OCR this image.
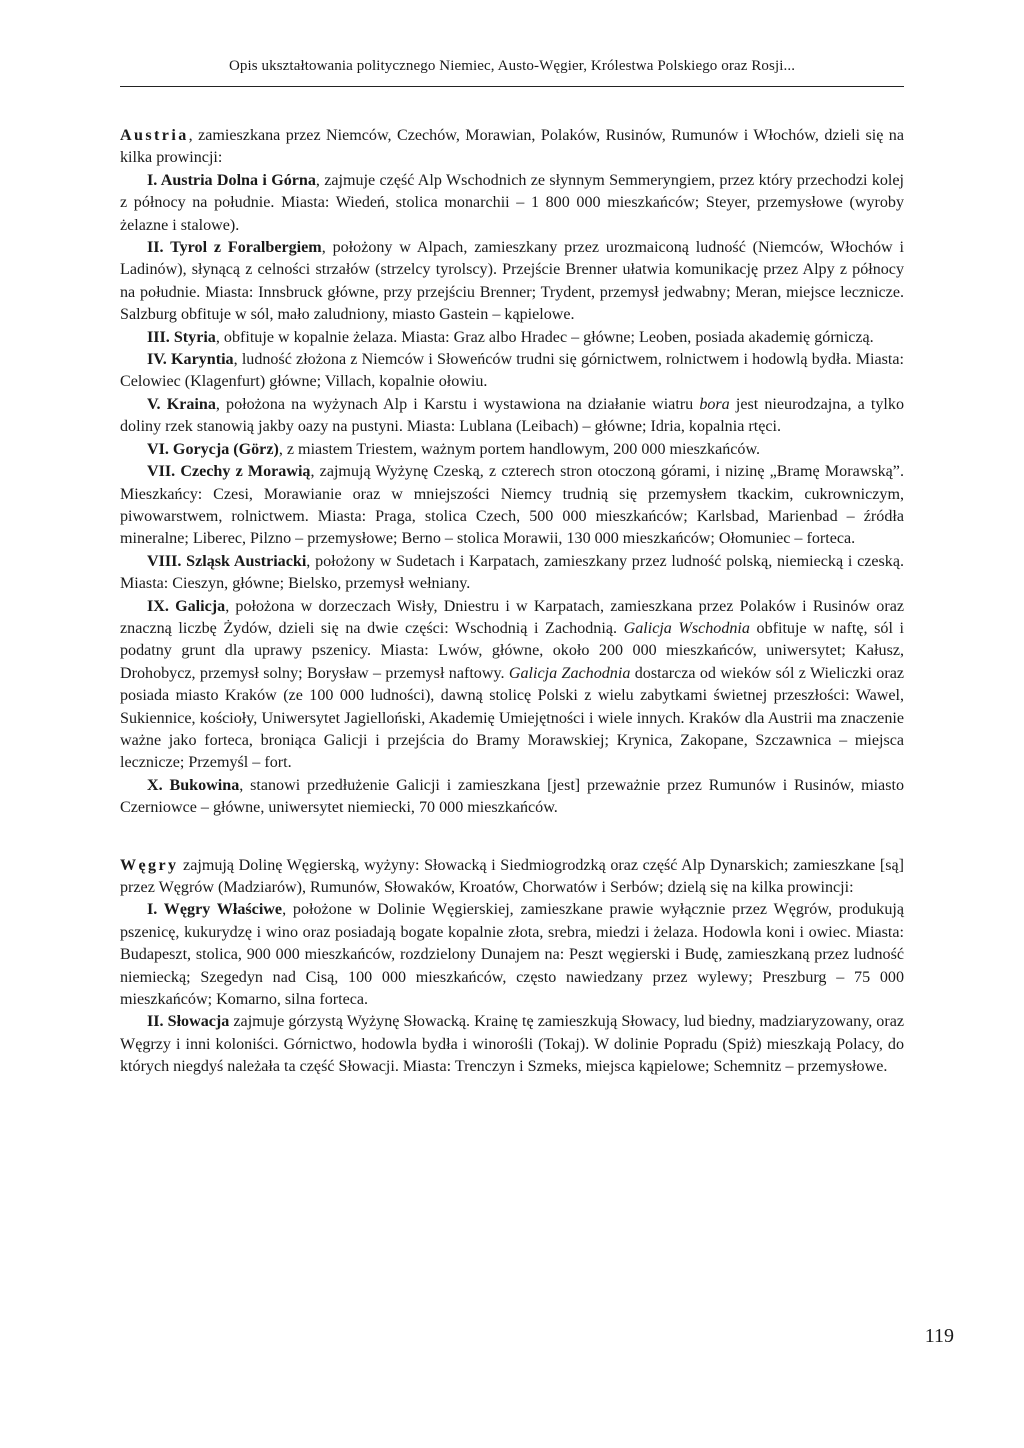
Opis ukształtowania politycznego Niemiec, Austo-Węgier, Królestwa Polskiego oraz Rosji...

Austria, zamieszkana przez Niemców, Czechów, Morawian, Polaków, Rusinów, Rumunów i Włochów, dzieli się na kilka prowincji:

I. Austria Dolna i Górna, zajmuje część Alp Wschodnich ze słynnym Semmeryngiem, przez który przechodzi kolej z północy na południe. Miasta: Wiedeń, stolica monarchii – 1 800 000 mieszkańców; Steyer, przemysłowe (wyroby żelazne i stalowe).

II. Tyrol z Foralbergiem, położony w Alpach, zamieszkany przez urozmaiconą ludność (Niemców, Włochów i Ladinów), słynącą z celności strzałów (strzelcy tyrolscy). Przejście Brenner ułatwia komunikację przez Alpy z północy na południe. Miasta: Innsbruck główne, przy przejściu Brenner; Trydent, przemysł jedwabny; Meran, miejsce lecznicze. Salzburg obfituje w sól, mało zaludniony, miasto Gastein – kąpielowe.

III. Styria, obfituje w kopalnie żelaza. Miasta: Graz albo Hradec – główne; Leoben, posiada akademię górniczą.

IV. Karyntia, ludność złożona z Niemców i Słoweńców trudni się górnictwem, rolnictwem i hodowlą bydła. Miasta: Celowiec (Klagenfurt) główne; Villach, kopalnie ołowiu.

V. Kraina, położona na wyżynach Alp i Karstu i wystawiona na działanie wiatru bora jest nieurodzajna, a tylko doliny rzek stanowią jakby oazy na pustyni. Miasta: Lublana (Leibach) – główne; Idria, kopalnia rtęci.

VI. Gorycja (Görz), z miastem Triestem, ważnym portem handlowym, 200 000 mieszkańców.

VII. Czechy z Morawią, zajmują Wyżynę Czeską, z czterech stron otoczoną górami, i nizinę „Bramę Morawską”. Mieszkańcy: Czesi, Morawianie oraz w mniejszości Niemcy trudnią się przemysłem tkackim, cukrowniczym, piwowarstwem, rolnictwem. Miasta: Praga, stolica Czech, 500 000 mieszkańców; Karlsbad, Marienbad – źródła mineralne; Liberec, Pilzno – przemysłowe; Berno – stolica Morawii, 130 000 mieszkańców; Ołomuniec – forteca.

VIII. Szląsk Austriacki, położony w Sudetach i Karpatach, zamieszkany przez ludność polską, niemiecką i czeską. Miasta: Cieszyn, główne; Bielsko, przemysł wełniany.

IX. Galicja, położona w dorzeczach Wisły, Dniestru i w Karpatach, zamieszkana przez Polaków i Rusinów oraz znaczną liczbę Żydów, dzieli się na dwie części: Wschodnią i Zachodnią. Galicja Wschodnia obfituje w naftę, sól i podatny grunt dla uprawy pszenicy. Miasta: Lwów, główne, około 200 000 mieszkańców, uniwersytet; Kałusz, Drohobycz, przemysł solny; Borysław – przemysł naftowy. Galicja Zachodnia dostarcza od wieków sól z Wieliczki oraz posiada miasto Kraków (ze 100 000 ludności), dawną stolicę Polski z wielu zabytkami świetnej przeszłości: Wawel, Sukiennice, kościoły, Uniwersytet Jagielloński, Akademię Umiejętności i wiele innych. Kraków dla Austrii ma znaczenie ważne jako forteca, broniąca Galicji i przejścia do Bramy Morawskiej; Krynica, Zakopane, Szczawnica – miejsca lecznicze; Przemyśl – fort.

X. Bukowina, stanowi przedłużenie Galicji i zamieszkana [jest] przeważnie przez Rumunów i Rusinów, miasto Czerniowce – główne, uniwersytet niemiecki, 70 000 mieszkańców.

Węgry zajmują Dolinę Węgierską, wyżyny: Słowacką i Siedmiogrodzką oraz część Alp Dynarskich; zamieszkane [są] przez Węgrów (Madziarów), Rumunów, Słowaków, Kroatów, Chorwatów i Serbów; dzielą się na kilka prowincji:

I. Węgry Właściwe, położone w Dolinie Węgierskiej, zamieszkane prawie wyłącznie przez Węgrów, produkują pszenicę, kukurydzę i wino oraz posiadają bogate kopalnie złota, srebra, miedzi i żelaza. Hodowla koni i owiec. Miasta: Budapeszt, stolica, 900 000 mieszkańców, rozdzielony Dunajem na: Peszt węgierski i Budę, zamieszkaną przez ludność niemiecką; Szegedyn nad Cisą, 100 000 mieszkańców, często nawiedzany przez wylewy; Preszburg – 75 000 mieszkańców; Komarno, silna forteca.

II. Słowacja zajmuje górzystą Wyżynę Słowacką. Krainę tę zamieszkują Słowacy, lud biedny, madziaryzowany, oraz Węgrzy i inni koloniści. Górnictwo, hodowla bydła i winorośli (Tokaj). W dolinie Popradu (Spiż) mieszkają Polacy, do których niegdyś należała ta część Słowacji. Miasta: Trenczyn i Szmeks, miejsca kąpielowe; Schemnitz – przemysłowe.

119
